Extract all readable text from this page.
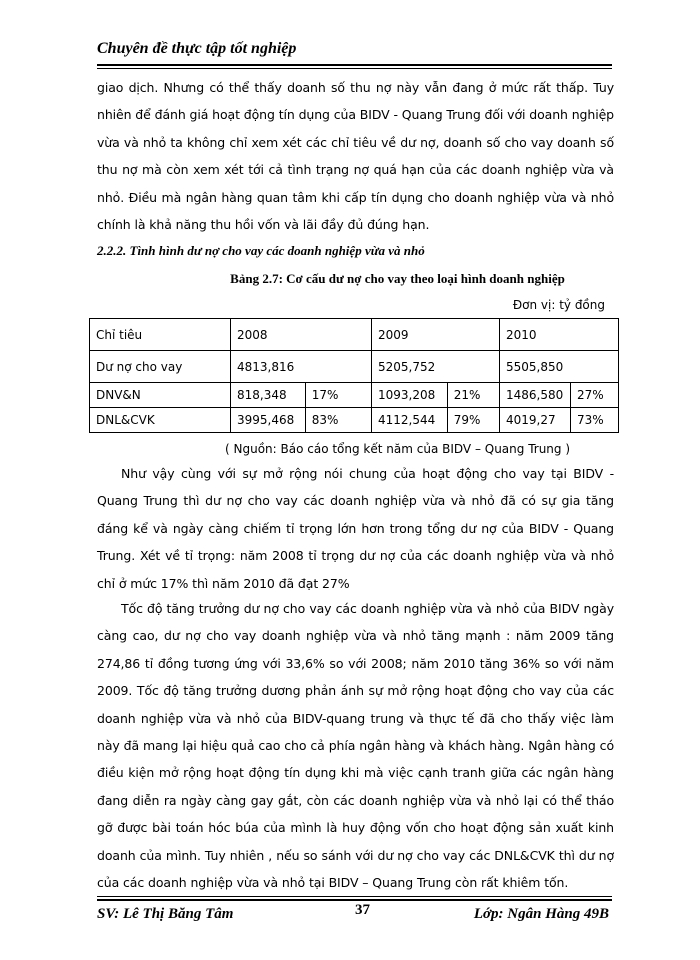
Chuyên đề thực tập tốt nghiệp
giao dịch. Nhưng có thể thấy doanh số thu nợ này vẫn đang ở mức rất thấp. Tuy nhiên để đánh giá hoạt động tín dụng của BIDV - Quang Trung đối với doanh nghiệp vừa và nhỏ ta không chỉ xem xét các chỉ tiêu về dư nợ, doanh số cho vay doanh số thu nợ mà còn xem xét tới cả tình trạng nợ quá hạn của các doanh nghiệp vừa và nhỏ. Điều mà ngân hàng quan tâm khi cấp tín dụng cho doanh nghiệp vừa và nhỏ chính là khả năng thu hồi vốn và lãi đầy đủ đúng hạn.
2.2.2. Tình hình dư nợ cho vay các doanh nghiệp vừa và nhỏ
Bảng 2.7: Cơ cấu dư nợ cho vay theo loại hình doanh nghiệp
Đơn vị: tỷ đồng
Chỉ tiêu	2008		2009		2010	
Dư nợ cho vay	4813,816		5205,752		5505,850	
DNV&N	818,348	17%	1093,208	21%	1486,580	27%
DNL&CVK	3995,468	83%	4112,544	79%	4019,27	73%
( Nguồn: Báo cáo tổng kết năm của BIDV – Quang Trung )
Như vậy cùng với sự mở rộng nói chung của hoạt động cho vay tại BIDV - Quang Trung thì dư nợ cho vay các doanh nghiệp vừa và nhỏ đã có sự gia tăng đáng kể và ngày càng chiếm tỉ trọng lớn hơn trong tổng dư nợ của BIDV - Quang Trung. Xét về tỉ trọng: năm 2008 tỉ trọng dư nợ của các doanh nghiệp vừa và nhỏ chỉ ở mức 17% thì năm 2010 đã đạt 27%
Tốc độ tăng trưởng dư nợ cho vay các doanh nghiệp vừa và nhỏ của BIDV ngày càng cao, dư nợ cho vay doanh nghiệp vừa và nhỏ tăng mạnh : năm 2009 tăng 274,86 tỉ đồng tương ứng với 33,6% so với 2008; năm 2010 tăng 36% so với năm 2009. Tốc độ tăng trưởng dương phản ánh sự mở rộng hoạt động cho vay của các doanh nghiệp vừa và nhỏ của BIDV-quang trung và thực tế đã cho thấy việc làm này đã mang lại hiệu quả cao cho cả phía ngân hàng và khách hàng. Ngân hàng có điều kiện mở rộng hoạt động tín dụng khi mà việc cạnh tranh giữa các ngân hàng đang diễn ra ngày càng gay gắt, còn các doanh nghiệp vừa và nhỏ lại có thể tháo gỡ được bài toán hóc búa của mình là huy động vốn cho hoạt động sản xuất kinh doanh của mình. Tuy nhiên , nếu so sánh với dư nợ cho vay các DNL&CVK thì dư nợ của các doanh nghiệp vừa và nhỏ tại BIDV – Quang Trung còn rất khiêm tốn.
SV: Lê Thị Băng Tâm	37	Lớp: Ngân Hàng 49B
